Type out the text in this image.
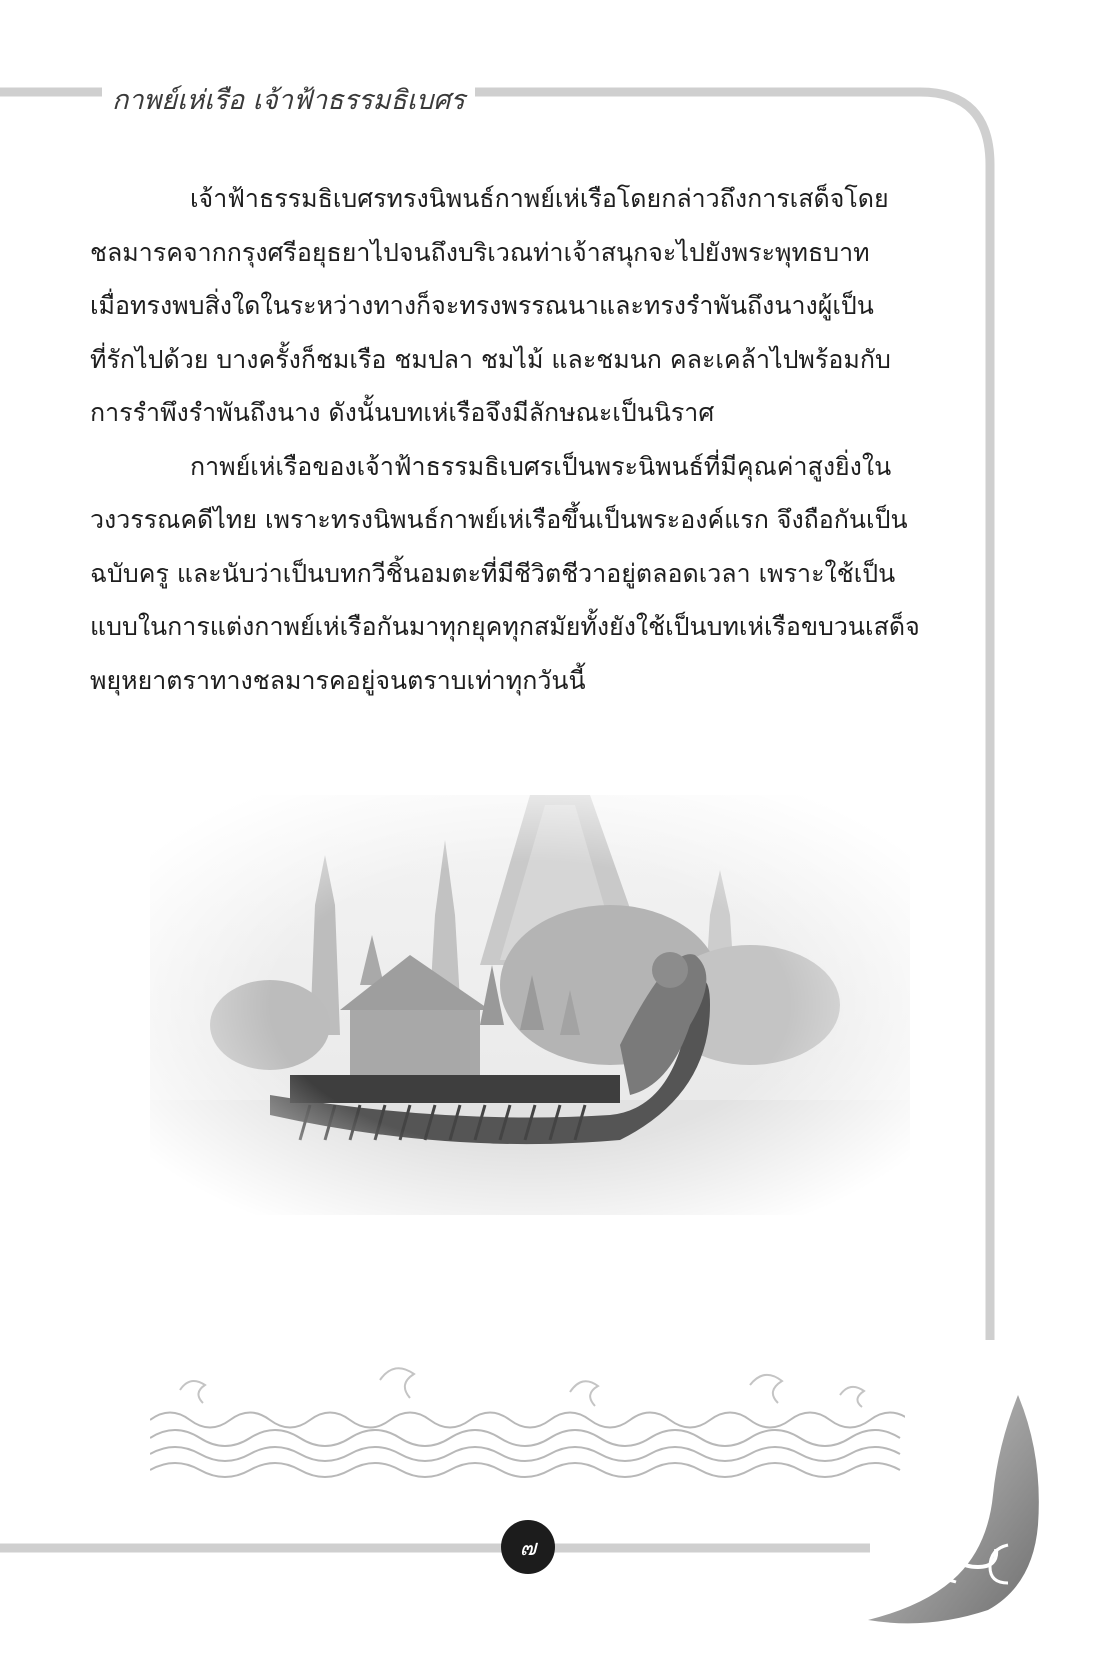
กาพย์เห่เรือ เจ้าฟ้าธรรมธิเบศร
เจ้าฟ้าธรรมธิเบศรทรงนิพนธ์กาพย์เห่เรือโดยกล่าวถึงการเสด็จโดย
ชลมารคจากกรุงศรีอยุธยาไปจนถึงบริเวณท่าเจ้าสนุกจะไปยังพระพุทธบาท
เมื่อทรงพบสิ่งใดในระหว่างทางก็จะทรงพรรณนาและทรงรำพันถึงนางผู้เป็น
ที่รักไปด้วย บางครั้งก็ชมเรือ ชมปลา ชมไม้ และชมนก คละเคล้าไปพร้อมกับ
การรำพึงรำพันถึงนาง ดังนั้นบทเห่เรือจึงมีลักษณะเป็นนิราศ
กาพย์เห่เรือของเจ้าฟ้าธรรมธิเบศรเป็นพระนิพนธ์ที่มีคุณค่าสูงยิ่งใน
วงวรรณคดีไทย เพราะทรงนิพนธ์กาพย์เห่เรือขึ้นเป็นพระองค์แรก จึงถือกันเป็น
ฉบับครู และนับว่าเป็นบทกวีชิ้นอมตะที่มีชีวิตชีวาอยู่ตลอดเวลา เพราะใช้เป็น
แบบในการแต่งกาพย์เห่เรือกันมาทุกยุคทุกสมัยทั้งยังใช้เป็นบทเห่เรือขบวนเสด็จ
พยุหยาตราทางชลมารคอยู่จนตราบเท่าทุกวันนี้
๗
